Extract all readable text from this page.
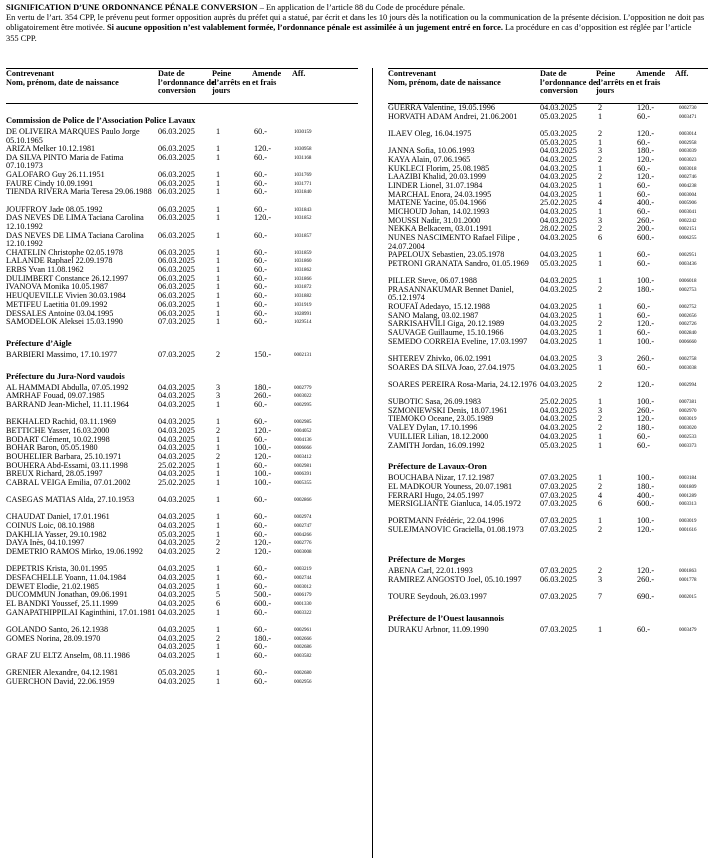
SIGNIFICATION D’UNE ORDONNANCE PÉNALE CONVERSION – En application de l’article 88 du Code de procédure pénale.
En vertu de l’art. 354 CPP, le prévenu peut former opposition auprès du préfet qui a statué, par écrit et dans les 10 jours dès la notification ou la communication de la présente décision. L’opposition ne doit pas obligatoirement être motivée. Si aucune opposition n’est valablement formée, l’ordonnance pénale est assimilée à un jugement entré en force. La procédure en cas d’opposition est réglée par l’article 355 CPP.
Contrevenant
Nom, prénom, date de naissance
Date de l’ordonnance de conversion
Peine d’arrêts en jours
Amende et frais
Aff.
Commission de Police de l’Association Police Lavaux
DE OLIVEIRA MARQUES Paulo Jorge 05.10.1965
06.03.2025	1	60.-	1030159
ARIZA Melker 10.12.1981	06.03.2025	1	120.-	1030958
DA SILVA PINTO Maria de Fatima 07.10.1973
06.03.2025	1	60.-	1031168
GALOFARO Guy 26.11.1951	06.03.2025	1	60.-	1031769
FAURE Cindy 10.09.1991	06.03.2025	1	60.-	1031771
TIENDA RIVERA Maria Teresa 29.06.1988 06.03.2025	1	60.-	1031840
JOUFFROY Jade 08.05.1992	06.03.2025	1	60.-	1031843
DAS NEVES DE LIMA Taciana Carolina 12.10.1992
06.03.2025	1	120.-	1031852
DAS NEVES DE LIMA Taciana Carolina 12.10.1992
06.03.2025	1	60.-	1031857
CHATELIN Christophe 02.05.1978	06.03.2025	1	60.-	1031859
LALANDE Raphael 22.09.1978	06.03.2025	1	60.-	1031860
ERBS Yvan 11.08.1962	06.03.2025	1	60.-	1031862
DULIMBERT Constance 26.12.1997	06.03.2025	1	60.-	1031866
IVANOVA Monika 10.05.1987	06.03.2025	1	60.-	1031872
HEUQUEVILLE Vivien 30.03.1984	06.03.2025	1	60.-	1031882
METIFEU Laetitia 01.09.1992	06.03.2025	1	60.-	1031919
DESSALES Antoine 03.04.1995	06.03.2025	1	60.-	1028991
SAMODELOK Aleksei 15.03.1990	07.03.2025	1	60.-	1029514
Préfecture d’Aigle
BARBIERI Massimo, 17.10.1977	07.03.2025	2	150.-	0002131
Préfecture du Jura-Nord vaudois
AL HAMMADI Abdulla, 07.05.1992	04.03.2025	3	180.-	0002779
AMRHAF Fouad, 09.07.1985	04.03.2025	3	260.-	0003022
BARRAND Jean-Michel, 11.11.1964	04.03.2025	1	60.-	0002995
BEKHALED Rachid, 03.11.1969	04.03.2025	1	60.-	0002985
BETTICHE Yasser, 16.03.2000	04.03.2025	2	120.-	0004052
BODART Clément, 10.02.1998	04.03.2025	1	60.-	0004136
BOHAR Baron, 05.05.1980	04.03.2025	1	100.-	0006666
BOUHELIER Barbara, 25.10.1971	04.03.2025	2	120.-	0003412
BOUHERA Abd-Essami, 03.11.1998	25.02.2025	1	60.-	0002981
BREUX Richard, 28.05.1997	04.03.2025	1	100.-	0006391
CABRAL VEIGA Emilia, 07.01.2002	25.02.2025	1	100.-	0005355
CASEGAS MATIAS Alda, 27.10.1953	04.03.2025	1	60.-	0002866
CHAUDAT Daniel, 17.01.1961	04.03.2025	1	60.-	0002974
COINUS Loic, 08.10.1988	04.03.2025	1	60.-	0002747
DAKHLIA Yasser, 29.10.1982	05.03.2025	1	60.-	0004266
DAYA Inès, 04.10.1997	04.03.2025	2	120.-	0002776
DEMETRIO RAMOS Mirko, 19.06.1992	04.03.2025	2	120.-	0003008
DEPETRIS Krista, 30.01.1995	04.03.2025	1	60.-	0003219
DESFACHELLE Yoann, 11.04.1984	04.03.2025	1	60.-	0002744
DEWET Elodie, 21.02.1985	04.03.2025	1	60.-	0003012
DUCOMMUN Jonathan, 09.06.1991	04.03.2025	5	500.-	0006179
EL BANDKI Youssef, 25.11.1999	04.03.2025	6	600.-	0001330
GANAPATHIPPILAI Kaginthini, 17.01.1981 04.03.2025	1	60.-	0003322
GOLANDO Santo, 26.12.1938	04.03.2025	1	60.-	0002961
GOMES Norina, 28.09.1970	04.03.2025	2	180.-	0002666
04.03.2025	1	60.-	0002686
GRAF ZU ELTZ Anselm, 08.11.1986	04.03.2025	1	60.-	0003582
GRENIER Alexandre, 04.12.1981	05.03.2025	1	60.-	0002680
GUERCHON David, 22.06.1959	04.03.2025	1	60.-	0002956
Contrevenant
Nom, prénom, date de naissance
Date de l’ordonnance de conversion
Peine d’arrêts en jours
Amende et frais
Aff.
GUERRA Valentine, 19.05.1996	04.03.2025	2	120.-	0002730
HORVATH ADAM Andrei, 21.06.2001	05.03.2025	1	60.-	0003471
ILAEV Oleg, 16.04.1975	05.03.2025	2	120.-	0003014
05.03.2025	1	60.-	0002958
JANNA Sofia, 10.06.1993	04.03.2025	3	180.-	0003039
KAYA Alain, 07.06.1965	04.03.2025	2	120.-	0003023
KUKLECI Florim, 25.08.1985	04.03.2025	1	60.-	0003018
LAAZIBI Khalid, 20.03.1999	04.03.2025	2	120.-	0002746
LINDER Lionel, 31.07.1984	04.03.2025	1	60.-	0004238
MARCHAL Enora, 24.03.1995	04.03.2025	1	60.-	0003004
MATENE Yacine, 05.04.1966	25.02.2025	4	400.-	0005906
MICHOUD Johan, 14.02.1993	04.03.2025	1	60.-	0003041
MOUSSI Nadir, 31.01.2000	04.03.2025	3	260.-	0002242
NEKKA Belkacem, 03.01.1991	28.02.2025	2	200.-	0002151
NUNES NASCIMENTO Rafael Filipe , 24.07.2004
04.03.2025	6	600.-	0006255
PAPELOUX Sebastien, 23.05.1978	04.03.2025	1	60.-	0002951
PETRONI GRANATA Sandro, 01.05.1969	05.03.2025	1	60.-	0003436
PILLER Steve, 06.07.1988	04.03.2025	1	100.-	0006018
PRASANNAKUMAR Bennet Daniel, 05.12.1974
04.03.2025	2	180.-	0002753
ROUFAÏ Adedayo, 15.12.1988	04.03.2025	1	60.-	0002752
SANO Malang, 03.02.1987	04.03.2025	1	60.-	0002656
SARKISAHVILI Giga, 20.12.1989	04.03.2025	2	120.-	0002726
SAUVAGE Guillaume, 15.10.1966	04.03.2025	1	60.-	0002840
SEMEDO CORREIA Eveline, 17.03.1997	04.03.2025	1	100.-	0006660
SHTEREV Zhivko, 06.02.1991	04.03.2025	3	260.-	0002758
SOARES DA SILVA Joao, 27.04.1975	04.03.2025	1	60.-	0003038
SOARES PEREIRA Rosa-Maria, 24.12.1976 04.03.2025	2	120.-	0002994
SUBOTIC Sasa, 26.09.1983	25.02.2025	1	100.-	0007381
SZMONIEWSKI Denis, 18.07.1961	04.03.2025	3	260.-	0002970
TIEMOKO Oceane, 23.05.1989	04.03.2025	2	120.-	0003019
VALEY Dylan, 17.10.1996	04.03.2025	2	180.-	0003020
VUILLIER Lilian, 18.12.2000	04.03.2025	1	60.-	0002533
ZAMITH Jordan, 16.09.1992	05.03.2025	1	60.-	0003373
Préfecture de Lavaux-Oron
BOUCHABA Nizar, 17.12.1987	07.03.2025	1	100.-	0003184
EL MADKOUR Youness, 20.07.1981	07.03.2025	2	180.-	0001809
FERRARI Hugo, 24.05.1997	07.03.2025	4	400.-	0001289
MERSIGLIANTE Gianluca, 14.05.1972	07.03.2025	6	600.-	0003313
PORTMANN Frédéric, 22.04.1996	07.03.2025	1	100.-	0003019
SULEJMANOVIC Graciella, 01.08.1973	07.03.2025	2	120.-	0001616
Préfecture de Morges
ABENA Carl, 22.01.1993	07.03.2025	2	120.-	0001863
RAMIREZ ANGOSTO Joel, 05.10.1997	06.03.2025	3	260.-	0001778
TOURE Seydouh, 26.03.1997	07.03.2025	7	690.-	0002015
Préfecture de l’Ouest lausannois
DURAKU Arbnor, 11.09.1990	07.03.2025	1	60.-	0003479
